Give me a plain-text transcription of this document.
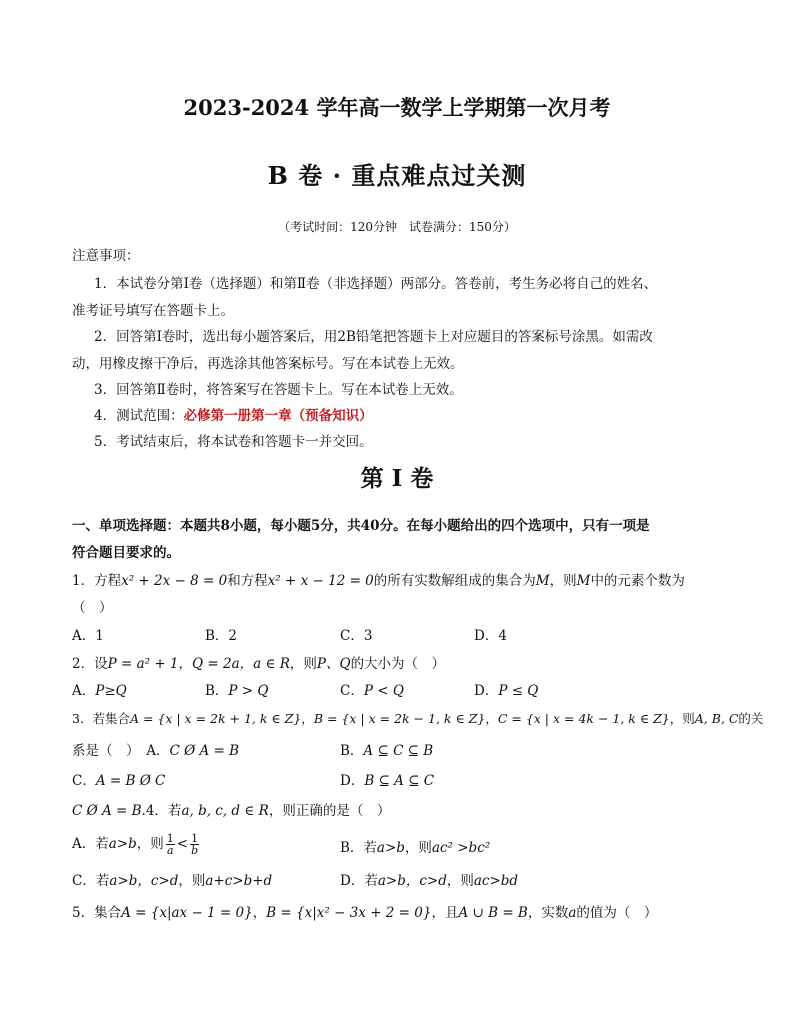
2023-2024 学年高一数学上学期第一次月考
B 卷 · 重点难点过关测
（考试时间：120分钟　试卷满分：150分）
注意事项：
1．本试卷分第Ⅰ卷（选择题）和第Ⅱ卷（非选择题）两部分。答卷前，考生务必将自己的姓名、
准考证号填写在答题卡上。
2．回答第Ⅰ卷时，选出每小题答案后，用2B铅笔把答题卡上对应题目的答案标号涂黑。如需改
动，用橡皮擦干净后，再选涂其他答案标号。写在本试卷上无效。
3．回答第Ⅱ卷时，将答案写在答题卡上。写在本试卷上无效。
4．测试范围：必修第一册第一章（预备知识）
5．考试结束后，将本试卷和答题卡一并交回。
第 I 卷
一、单项选择题：本题共8小题，每小题5分，共40分。在每小题给出的四个选项中，只有一项是
符合题目要求的。
1．方程x² + 2x − 8 = 0和方程x² + x − 12 = 0的所有实数解组成的集合为M，则M中的元素个数为
（　）
A．1	B．2	C．3	D．4
2．设P = a² + 1，Q = 2a，a ∈ R，则P、Q的大小为（　）
A．P≥Q	B．P > Q	C．P < Q	D．P ≤ Q
3．若集合A = {x | x = 2k + 1, k ∈ Z}，B = {x | x = 2k − 1, k ∈ Z}，C = {x | x = 4k − 1, k ∈ Z}，则A, B, C的关
系是（　）　A．C Ø A = B	B．A ⊆ C ⊆ B
C．A = B Ø C	D．B ⊆ A ⊆ C
C Ø A = B.4．若a, b, c, d ∈ R，则正确的是（　）
A．若a>b，则 $\frac{1}{a} < \frac{1}{b}$	B．若a>b，则ac² >bc²
C．若a>b，c>d，则a+c>b+d	D．若a>b，c>d，则ac>bd
5．集合A = {x|ax − 1 = 0}，B = {x|x² − 3x + 2 = 0}，且A ∪ B = B，实数a的值为（　）
